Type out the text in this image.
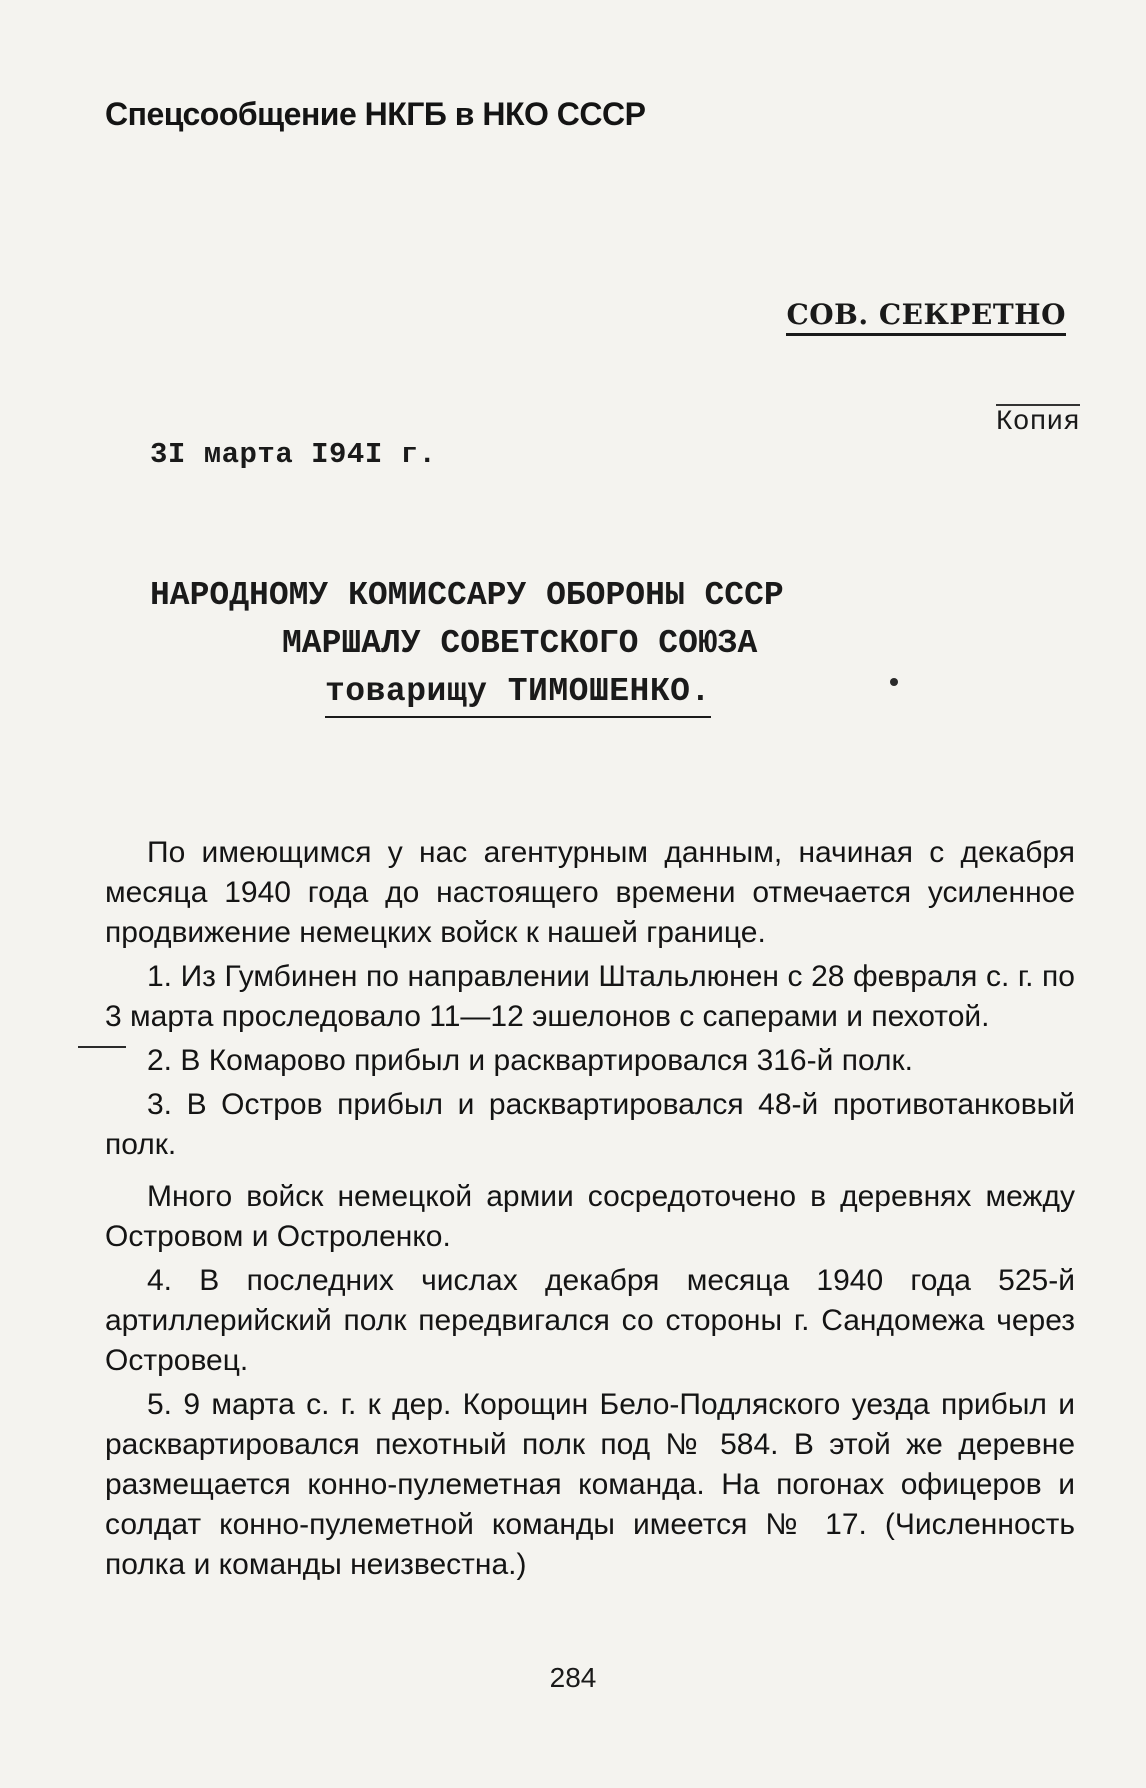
Спецсообщение НКГБ в НКО СССР
СОВ. СЕКРЕТНО
Копия
3I марта I94I г.
НАРОДНОМУ КОМИССАРУ ОБОРОНЫ СССР
МАРШАЛУ СОВЕТСКОГО СОЮЗА
товарищу ТИМОШЕНКО.

По имеющимся у нас агентурным данным, начиная с декабря месяца 1940 года до настоящего времени отмечается усиленное продвижение немецких войск к нашей границе.

1. Из Гумбинен по направлении Штальлюнен с 28 февраля с. г. по 3 марта проследовало 11—12 эшелонов с саперами и пехотой.

2. В Комарово прибыл и расквартировался 316-й полк.

3. В Остров прибыл и расквартировался 48-й противотанковый полк.

Много войск немецкой армии сосредоточено в деревнях между Островом и Остроленко.

4. В последних числах декабря месяца 1940 года 525-й артиллерийский полк передвигался со стороны г. Сандомежа через Островец.

5. 9 марта с. г. к дер. Корощин Бело-Подляского уезда прибыл и расквартировался пехотный полк под № 584. В этой же деревне размещается конно-пулеметная команда. На погонах офицеров и солдат конно-пулеметной команды имеется № 17. (Численность полка и команды неизвестна.)

284
